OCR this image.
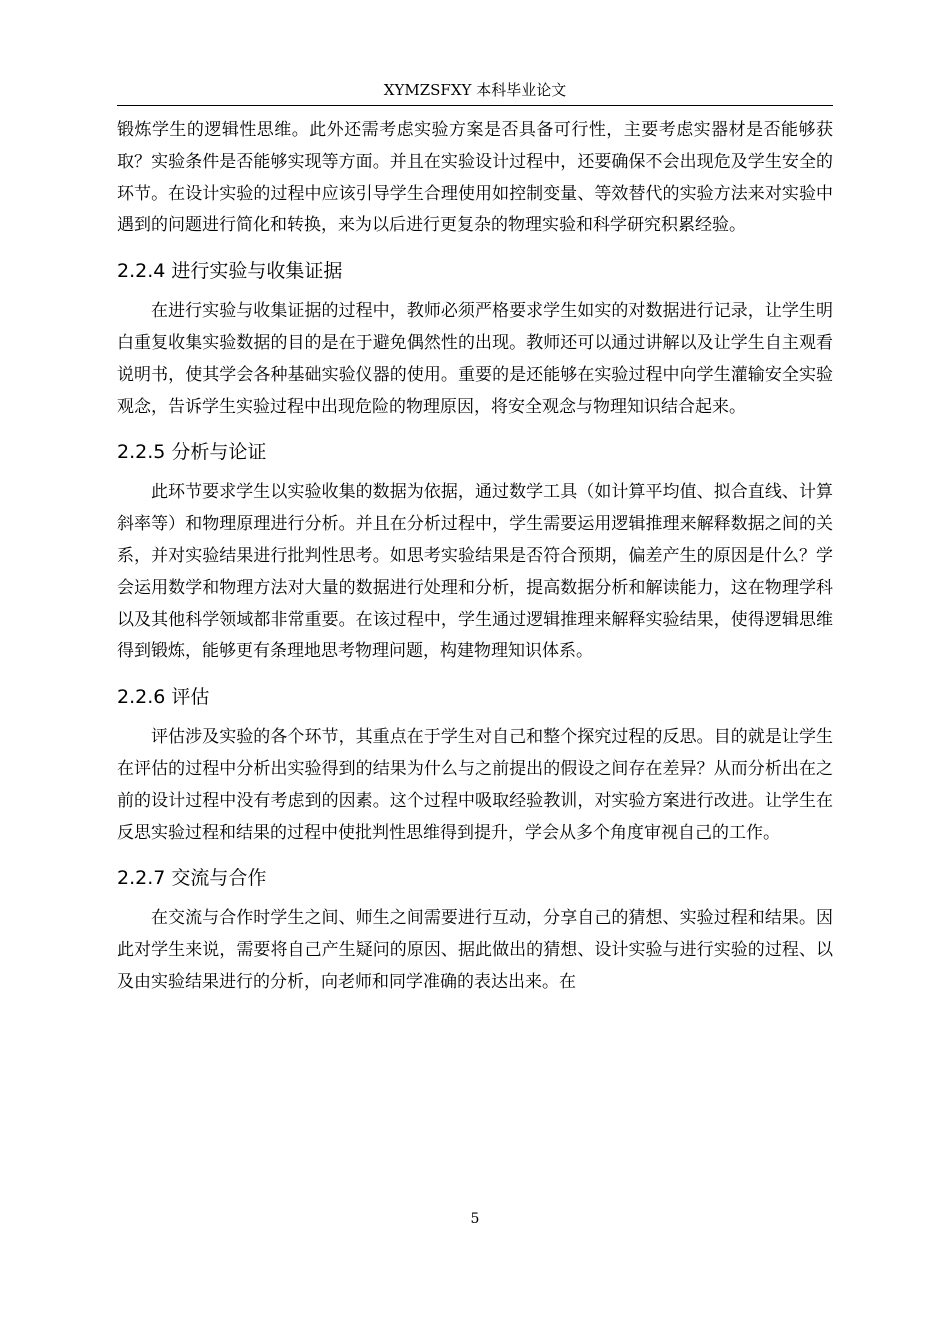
XYMZSFXY 本科毕业论文

锻炼学生的逻辑性思维。此外还需考虑实验方案是否具备可行性，主要考虑实器材是否能够获取？实验条件是否能够实现等方面。并且在实验设计过程中，还要确保不会出现危及学生安全的环节。在设计实验的过程中应该引导学生合理使用如控制变量、等效替代的实验方法来对实验中遇到的问题进行简化和转换，来为以后进行更复杂的物理实验和科学研究积累经验。

2.2.4 进行实验与收集证据

在进行实验与收集证据的过程中，教师必须严格要求学生如实的对数据进行记录，让学生明白重复收集实验数据的目的是在于避免偶然性的出现。教师还可以通过讲解以及让学生自主观看说明书，使其学会各种基础实验仪器的使用。重要的是还能够在实验过程中向学生灌输安全实验观念，告诉学生实验过程中出现危险的物理原因，将安全观念与物理知识结合起来。

2.2.5 分析与论证

此环节要求学生以实验收集的数据为依据，通过数学工具（如计算平均值、拟合直线、计算斜率等）和物理原理进行分析。并且在分析过程中，学生需要运用逻辑推理来解释数据之间的关系，并对实验结果进行批判性思考。如思考实验结果是否符合预期，偏差产生的原因是什么？学会运用数学和物理方法对大量的数据进行处理和分析，提高数据分析和解读能力，这在物理学科以及其他科学领域都非常重要。在该过程中，学生通过逻辑推理来解释实验结果，使得逻辑思维得到锻炼，能够更有条理地思考物理问题，构建物理知识体系。

2.2.6 评估

评估涉及实验的各个环节，其重点在于学生对自己和整个探究过程的反思。目的就是让学生在评估的过程中分析出实验得到的结果为什么与之前提出的假设之间存在差异？从而分析出在之前的设计过程中没有考虑到的因素。这个过程中吸取经验教训，对实验方案进行改进。让学生在反思实验过程和结果的过程中使批判性思维得到提升，学会从多个角度审视自己的工作。

2.2.7 交流与合作

在交流与合作时学生之间、师生之间需要进行互动，分享自己的猜想、实验过程和结果。因此对学生来说，需要将自己产生疑问的原因、据此做出的猜想、设计实验与进行实验的过程、以及由实验结果进行的分析，向老师和同学准确的表达出来。在

5
